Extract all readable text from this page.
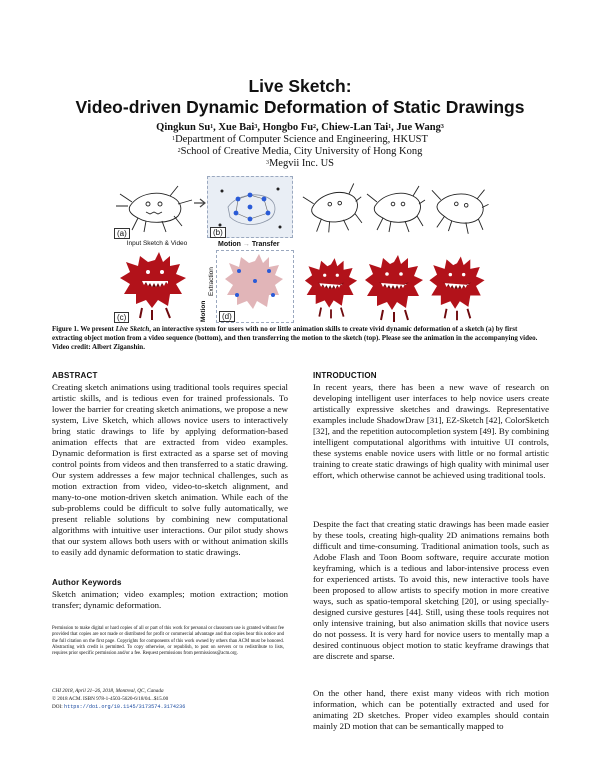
Live Sketch:
Video-driven Dynamic Deformation of Static Drawings
Qingkun Su$^1$, Xue Bai$^3$, Hongbo Fu$^2$, Chiew-Lan Tai$^1$, Jue Wang$^3$
$^1$Department of Computer Science and Engineering, HKUST
$^2$School of Creative Media, City University of Hong Kong
$^3$Megvii Inc. US
(a)
Input Sketch & Video
(b)
Motion → Transfer
(c)	Motion
Extraction
(d)
Figure 1. We present Live Sketch, an interactive system for users with no or little animation skills to create vivid dynamic deformation of a sketch (a) by first extracting object motion from a video sequence (bottom), and then transferring the motion to the sketch (top). Please see the animation in the accompanying video. Video credit: Albert Ziganshin.
ABSTRACT
Creating sketch animations using traditional tools requires special artistic skills, and is tedious even for trained professionals. To lower the barrier for creating sketch animations, we propose a new system, Live Sketch, which allows novice users to interactively bring static drawings to life by applying deformation-based animation effects that are extracted from video examples. Dynamic deformation is first extracted as a sparse set of moving control points from videos and then transferred to a static drawing. Our system addresses a few major technical challenges, such as motion extraction from video, video-to-sketch alignment, and many-to-one motion-driven sketch animation. While each of the sub-problems could be difficult to solve fully automatically, we present reliable solutions by combining new computational algorithms with intuitive user interactions. Our pilot study shows that our system allows both users with or without animation skills to easily add dynamic deformation to static drawings.
Author Keywords
Sketch animation; video examples; motion extraction; motion transfer; dynamic deformation.
Permission to make digital or hard copies of all or part of this work for personal or classroom use is granted without fee provided that copies are not made or distributed for profit or commercial advantage and that copies bear this notice and the full citation on the first page. Copyrights for components of this work owned by others than ACM must be honored. Abstracting with credit is permitted. To copy otherwise, or republish, to post on servers or to redistribute to lists, requires prior specific permission and/or a fee. Request permissions from permissions@acm.org.
CHI 2018, April 21–26, 2018, Montreal, QC, Canada
© 2018 ACM. ISBN 978-1-4503-5620-6/18/04...$15.00
DOI: https://doi.org/10.1145/3173574.3174236
INTRODUCTION
In recent years, there has been a new wave of research on developing intelligent user interfaces to help novice users create artistically expressive sketches and drawings. Representative examples include ShadowDraw [31], EZ-Sketch [42], ColorSketch [32], and the repetition autocompletion system [49]. By combining intelligent computational algorithms with intuitive UI controls, these systems enable novice users with little or no formal artistic training to create static drawings of high quality with minimal user effort, which otherwise cannot be achieved using traditional tools.
Despite the fact that creating static drawings has been made easier by these tools, creating high-quality 2D animations remains both difficult and time-consuming. Traditional animation tools, such as Adobe Flash and Toon Boom software, require accurate motion keyframing, which is a tedious and labor-intensive process even for experienced artists. To avoid this, new interactive tools have been proposed to allow artists to specify motion in more creative ways, such as spatio-temporal sketching [20], or using specially-designed cursive gestures [44]. Still, using these tools requires not only intensive training, but also animation skills that novice users do not possess. It is very hard for novice users to mentally map a desired continuous object motion to static keyframe drawings that are discrete and sparse.
On the other hand, there exist many videos with rich motion information, which can be potentially extracted and used for animating 2D sketches. Proper video examples should contain mainly 2D motion that can be semantically mapped to
